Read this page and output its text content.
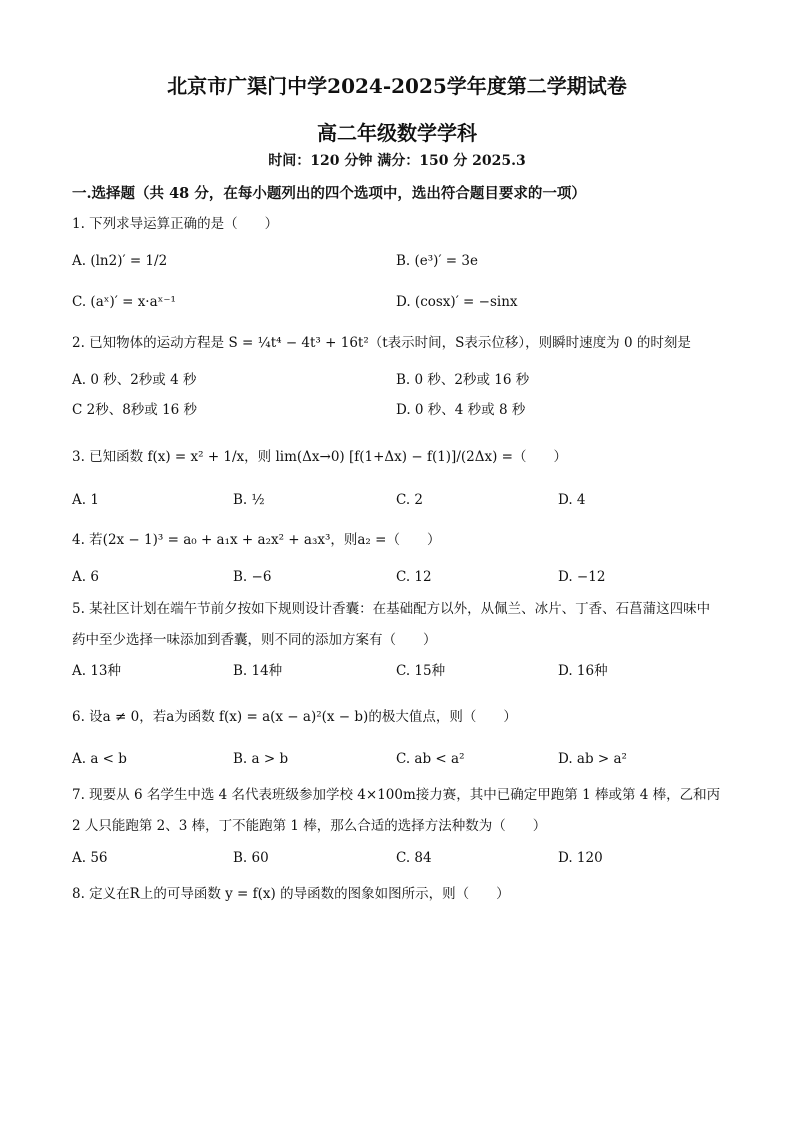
北京市广渠门中学2024-2025学年度第二学期试卷
高二年级数学学科
时间：120 分钟 满分：150 分 2025.3
一.选择题（共 48 分，在每小题列出的四个选项中，选出符合题目要求的一项）
1. 下列求导运算正确的是（　　）
A. (ln2)′ = 1/2	B. (e³)′ = 3e
C. (aˣ)′ = x·aˣ⁻¹	D. (cosx)′ = −sinx
2. 已知物体的运动方程是 S = ¼t⁴ − 4t³ + 16t²（t表示时间，S表示位移），则瞬时速度为 0 的时刻是
A. 0 秒、2秒或 4 秒	B. 0 秒、2秒或 16 秒
C 2秒、8秒或 16 秒	D. 0 秒、4 秒或 8 秒
3. 已知函数 f(x) = x² + 1/x，则 lim(Δx→0) [f(1+Δx) − f(1)]/(2Δx) =（　　）
A. 1	B. ½	C. 2	D. 4
4. 若(2x − 1)³ = a₀ + a₁x + a₂x² + a₃x³，则a₂ =（　　）
A. 6	B. −6	C. 12	D. −12
5. 某社区计划在端午节前夕按如下规则设计香囊：在基础配方以外，从佩兰、冰片、丁香、石菖蒲这四味中药中至少选择一味添加到香囊，则不同的添加方案有（　　）
A. 13种	B. 14种	C. 15种	D. 16种
6. 设a ≠ 0，若a为函数 f(x) = a(x − a)²(x − b)的极大值点，则（　　）
A. a < b	B. a > b	C. ab < a²	D. ab > a²
7. 现要从 6 名学生中选 4 名代表班级参加学校 4×100m接力赛，其中已确定甲跑第 1 棒或第 4 棒，乙和丙 2 人只能跑第 2、3 棒，丁不能跑第 1 棒，那么合适的选择方法种数为（　　）
A. 56	B. 60	C. 84	D. 120
8. 定义在R上的可导函数 y = f(x) 的导函数的图象如图所示，则（　　）
